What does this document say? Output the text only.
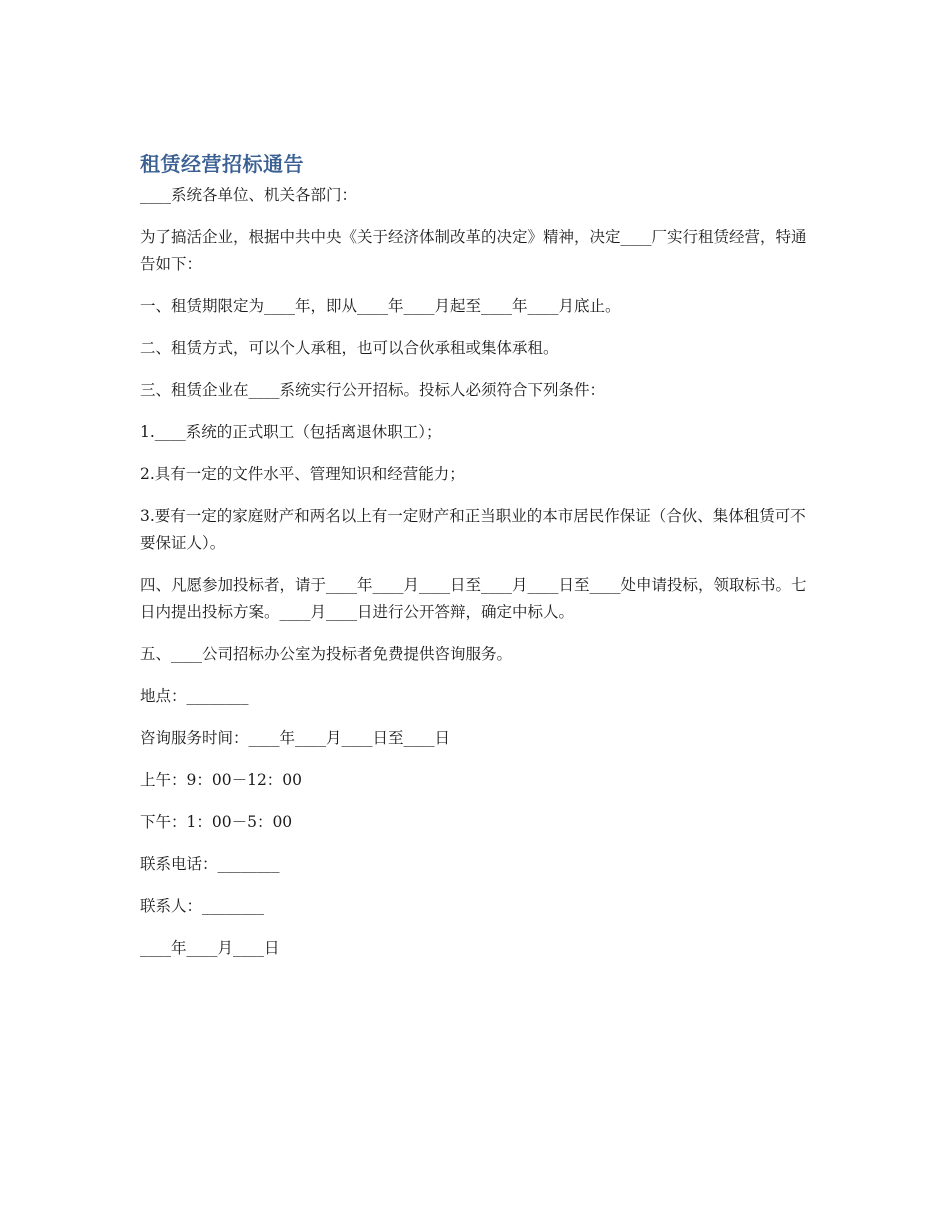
租赁经营招标通告

____系统各单位、机关各部门：

为了搞活企业，根据中共中央《关于经济体制改革的决定》精神，决定____厂实行租赁经营，特通告如下：

一、租赁期限定为____年，即从____年____月起至____年____月底止。

二、租赁方式，可以个人承租，也可以合伙承租或集体承租。

三、租赁企业在____系统实行公开招标。投标人必须符合下列条件：

1.____系统的正式职工（包括离退休职工）；

2.具有一定的文件水平、管理知识和经营能力；

3.要有一定的家庭财产和两名以上有一定财产和正当职业的本市居民作保证（合伙、集体租赁可不要保证人）。

四、凡愿参加投标者，请于____年____月____日至____月____日至____处申请投标，领取标书。七日内提出投标方案。____月____日进行公开答辩，确定中标人。

五、____公司招标办公室为投标者免费提供咨询服务。

地点：________

咨询服务时间：____年____月____日至____日

上午：9：00－12：00

下午：1：00－5：00

联系电话：________

联系人：________

____年____月____日
